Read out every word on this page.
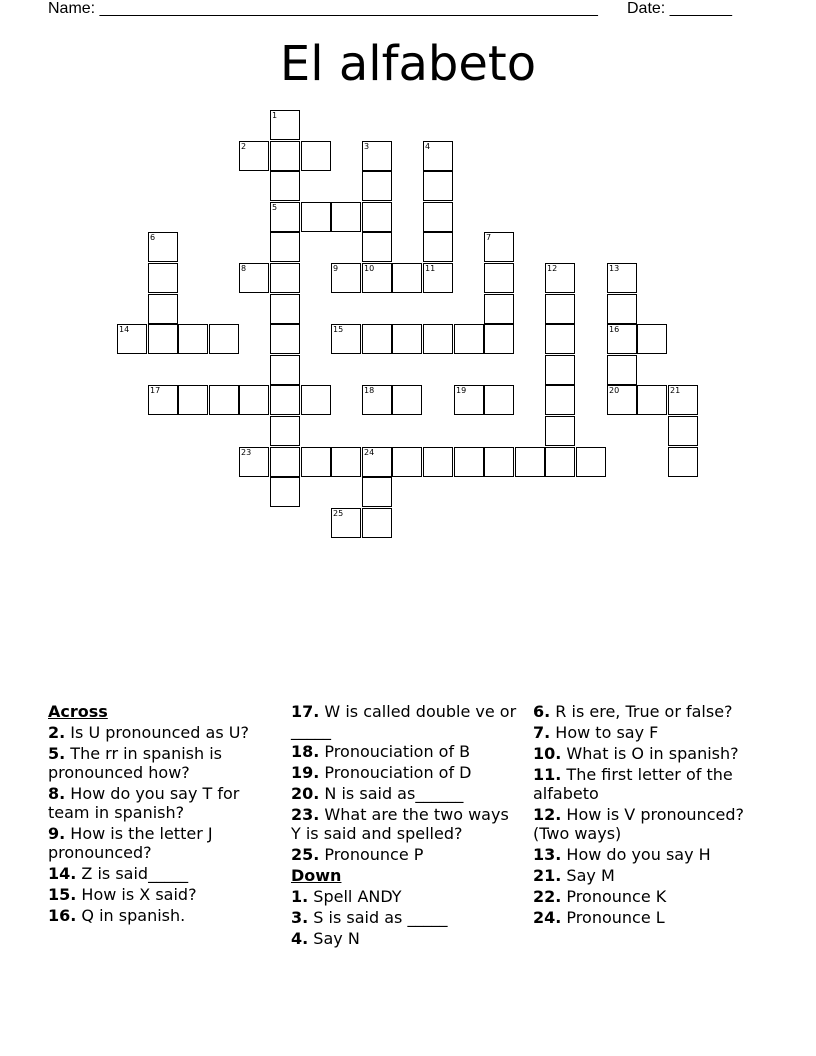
Name: ________________________________________________________ Date: _______
El alfabeto
1
5
2	3	4
6	7
8	9	10	11	12	13
16
20
14	15
17	18	19	21
23	24
25
Across
2. Is U pronounced as U?
5. The rr in spanish is pronounced how?
8. How do you say T for team in spanish?
9. How is the letter J pronounced?
14. Z is said_____
15. How is X said?
16. Q in spanish.
17. W is called double ve or _____
18. Pronouciation of B
19. Pronouciation of D
20. N is said as______
23. What are the two ways Y is said and spelled?
25. Pronounce P
Down
1. Spell ANDY
3. S is said as _____
4. Say N
6. R is ere, True or false?
7. How to say F
10. What is O in spanish?
11. The first letter of the alfabeto
12. How is V pronounced? (Two ways)
13. How do you say H
21. Say M
22. Pronounce K
24. Pronounce L
